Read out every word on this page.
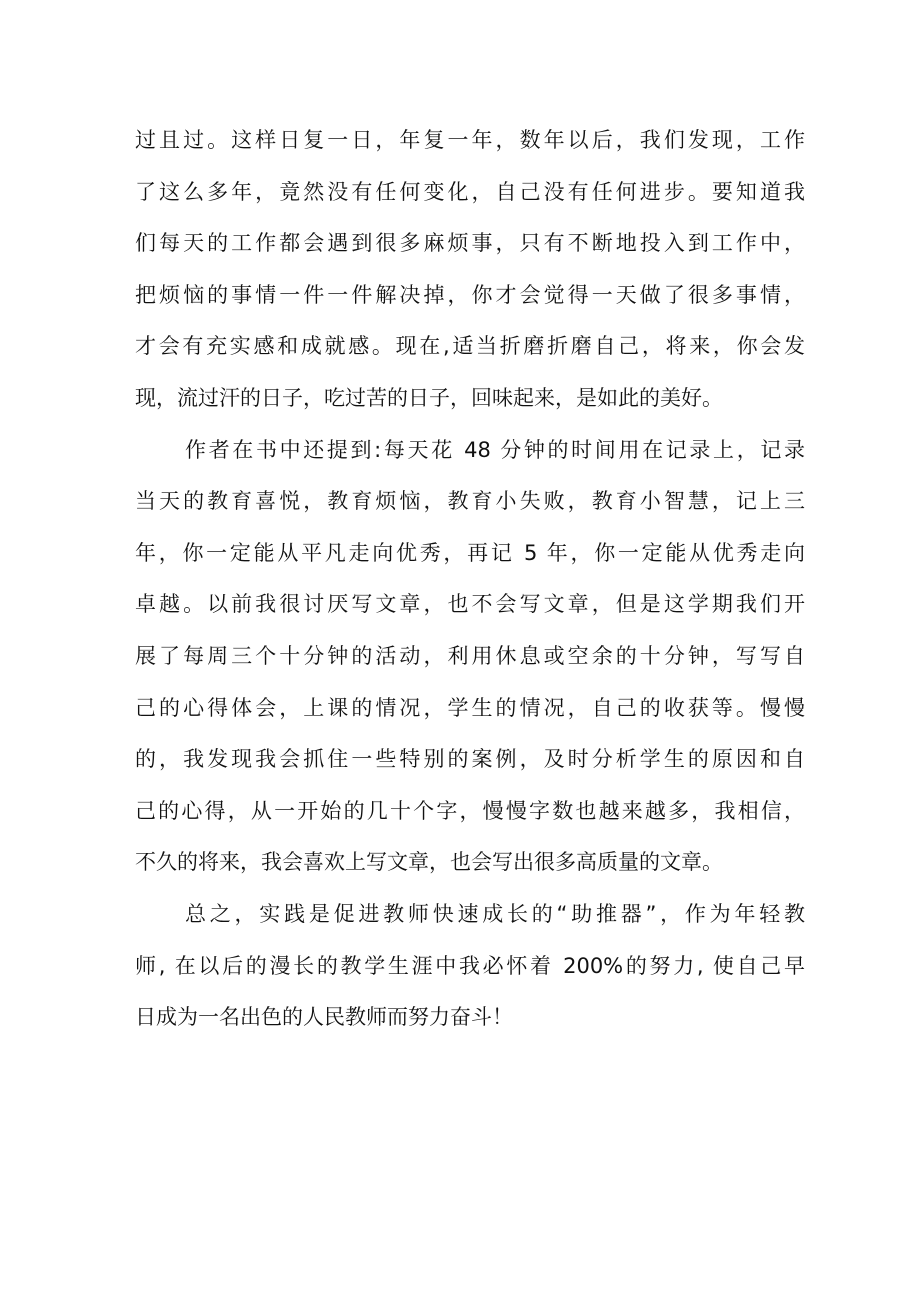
过且过。这样日复一日，年复一年，数年以后，我们发现，工作
了这么多年，竟然没有任何变化，自己没有任何进步。要知道我
们每天的工作都会遇到很多麻烦事，只有不断地投入到工作中，
把烦恼的事情一件一件解决掉，你才会觉得一天做了很多事情，
才会有充实感和成就感。现在,适当折磨折磨自己，将来，你会发
现，流过汗的日子，吃过苦的日子，回味起来，是如此的美好。
作者在书中还提到:每天花 48 分钟的时间用在记录上，记录
当天的教育喜悦，教育烦恼，教育小失败，教育小智慧，记上三
年，你一定能从平凡走向优秀，再记 5 年，你一定能从优秀走向
卓越。以前我很讨厌写文章，也不会写文章，但是这学期我们开
展了每周三个十分钟的活动，利用休息或空余的十分钟，写写自
己的心得体会，上课的情况，学生的情况，自己的收获等。慢慢
的，我发现我会抓住一些特别的案例，及时分析学生的原因和自
己的心得，从一开始的几十个字，慢慢字数也越来越多，我相信，
不久的将来，我会喜欢上写文章，也会写出很多高质量的文章。
总之，实践是促进教师快速成长的“助推器”，作为年轻教
师, 在以后的漫长的教学生涯中我必怀着 200%的努力, 使自己早
日成为一名出色的人民教师而努力奋斗！
